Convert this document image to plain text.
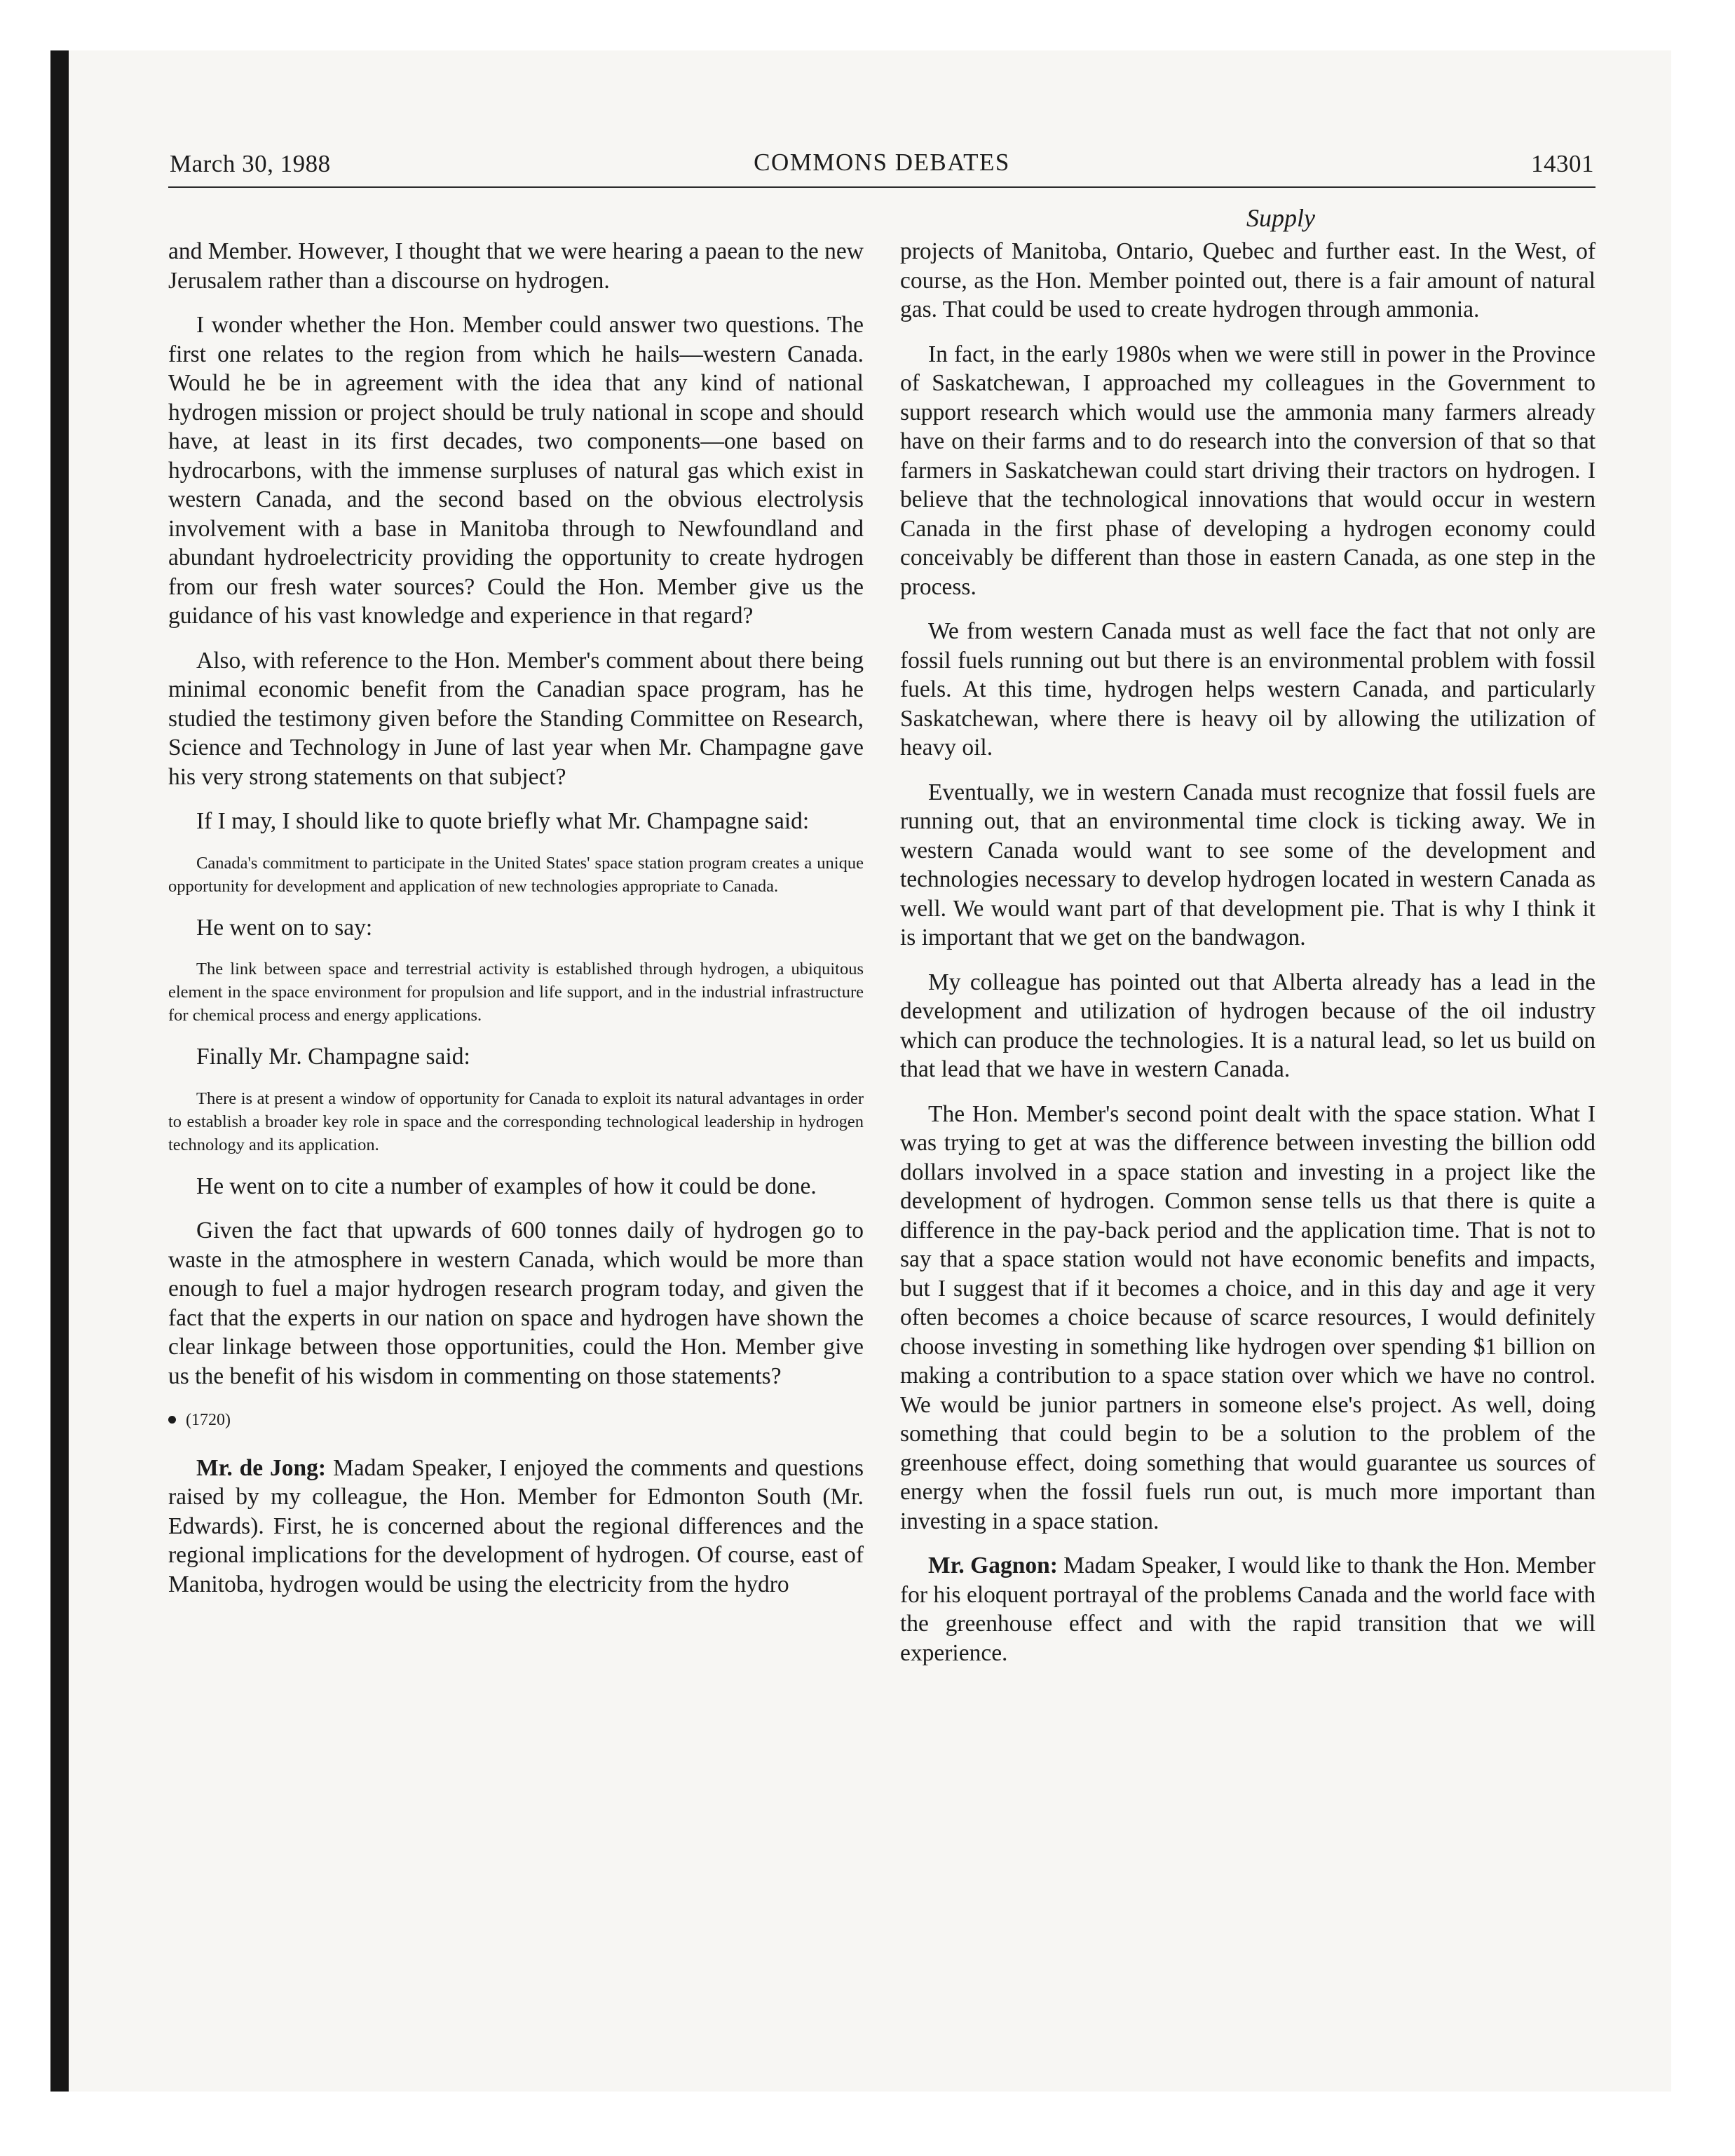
March 30, 1988	COMMONS DEBATES	14301
Supply

and Member. However, I thought that we were hearing a paean to the new Jerusalem rather than a discourse on hydrogen.

I wonder whether the Hon. Member could answer two questions. The first one relates to the region from which he hails—western Canada. Would he be in agreement with the idea that any kind of national hydrogen mission or project should be truly national in scope and should have, at least in its first decades, two components—one based on hydrocarbons, with the immense surpluses of natural gas which exist in western Canada, and the second based on the obvious electrolysis involvement with a base in Manitoba through to Newfoundland and abundant hydroelectricity providing the opportunity to create hydrogen from our fresh water sources? Could the Hon. Member give us the guidance of his vast knowledge and experience in that regard?

Also, with reference to the Hon. Member's comment about there being minimal economic benefit from the Canadian space program, has he studied the testimony given before the Standing Committee on Research, Science and Technology in June of last year when Mr. Champagne gave his very strong statements on that subject?

If I may, I should like to quote briefly what Mr. Champagne said:

Canada's commitment to participate in the United States' space station program creates a unique opportunity for development and application of new technologies appropriate to Canada.

He went on to say:

The link between space and terrestrial activity is established through hydrogen, a ubiquitous element in the space environment for propulsion and life support, and in the industrial infrastructure for chemical process and energy applications.

Finally Mr. Champagne said:

There is at present a window of opportunity for Canada to exploit its natural advantages in order to establish a broader key role in space and the corresponding technological leadership in hydrogen technology and its application.

He went on to cite a number of examples of how it could be done.

Given the fact that upwards of 600 tonnes daily of hydrogen go to waste in the atmosphere in western Canada, which would be more than enough to fuel a major hydrogen research program today, and given the fact that the experts in our nation on space and hydrogen have shown the clear linkage between those opportunities, could the Hon. Member give us the benefit of his wisdom in commenting on those statements?

(1720)

Mr. de Jong: Madam Speaker, I enjoyed the comments and questions raised by my colleague, the Hon. Member for Edmonton South (Mr. Edwards). First, he is concerned about the regional differences and the regional implications for the development of hydrogen. Of course, east of Manitoba, hydrogen would be using the electricity from the hydro

projects of Manitoba, Ontario, Quebec and further east. In the West, of course, as the Hon. Member pointed out, there is a fair amount of natural gas. That could be used to create hydrogen through ammonia.

In fact, in the early 1980s when we were still in power in the Province of Saskatchewan, I approached my colleagues in the Government to support research which would use the ammonia many farmers already have on their farms and to do research into the conversion of that so that farmers in Saskatchewan could start driving their tractors on hydrogen. I believe that the technological innovations that would occur in western Canada in the first phase of developing a hydrogen economy could conceivably be different than those in eastern Canada, as one step in the process.

We from western Canada must as well face the fact that not only are fossil fuels running out but there is an environmental problem with fossil fuels. At this time, hydrogen helps western Canada, and particularly Saskatchewan, where there is heavy oil by allowing the utilization of heavy oil.

Eventually, we in western Canada must recognize that fossil fuels are running out, that an environmental time clock is ticking away. We in western Canada would want to see some of the development and technologies necessary to develop hydrogen located in western Canada as well. We would want part of that development pie. That is why I think it is important that we get on the bandwagon.

My colleague has pointed out that Alberta already has a lead in the development and utilization of hydrogen because of the oil industry which can produce the technologies. It is a natural lead, so let us build on that lead that we have in western Canada.

The Hon. Member's second point dealt with the space station. What I was trying to get at was the difference between investing the billion odd dollars involved in a space station and investing in a project like the development of hydrogen. Common sense tells us that there is quite a difference in the pay-back period and the application time. That is not to say that a space station would not have economic benefits and impacts, but I suggest that if it becomes a choice, and in this day and age it very often becomes a choice because of scarce resources, I would definitely choose investing in something like hydrogen over spending $1 billion on making a contribution to a space station over which we have no control. We would be junior partners in someone else's project. As well, doing something that could begin to be a solution to the problem of the greenhouse effect, doing something that would guarantee us sources of energy when the fossil fuels run out, is much more important than investing in a space station.

Mr. Gagnon: Madam Speaker, I would like to thank the Hon. Member for his eloquent portrayal of the problems Canada and the world face with the greenhouse effect and with the rapid transition that we will experience.
